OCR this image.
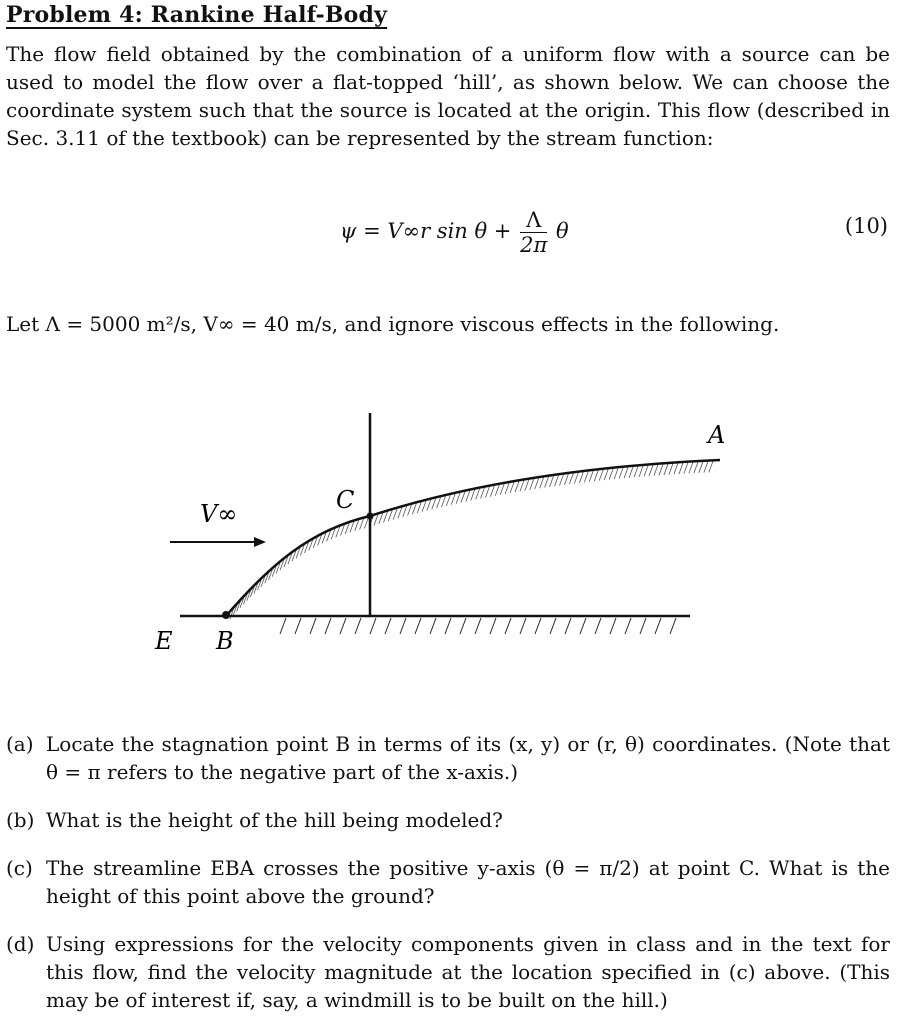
Problem 4: Rankine Half-Body
The flow field obtained by the combination of a uniform flow with a source can be used to model the flow over a flat-topped ‘hill’, as shown below. We can choose the coordinate system such that the source is located at the origin. This flow (described in Sec. 3.11 of the textbook) can be represented by the stream function:
ψ = V∞r $\sin \theta + \frac{\Lambda}{2\pi}$ θ	(10)
Let Λ = 5000 m²/s, V∞ = 40 m/s, and ignore viscous effects in the following.
V∞	C
A
E B
(a) Locate the stagnation point B in terms of its (x, y) or (r, θ) coordinates. (Note that θ = π refers to the negative part of the x-axis.)
(b) What is the height of the hill being modeled?
(c) The streamline EBA crosses the positive y-axis (θ = π/2) at point C. What is the height of this point above the ground?
(d) Using expressions for the velocity components given in class and in the text for this flow, find the velocity magnitude at the location specified in (c) above. (This may be of interest if, say, a windmill is to be built on the hill.)
